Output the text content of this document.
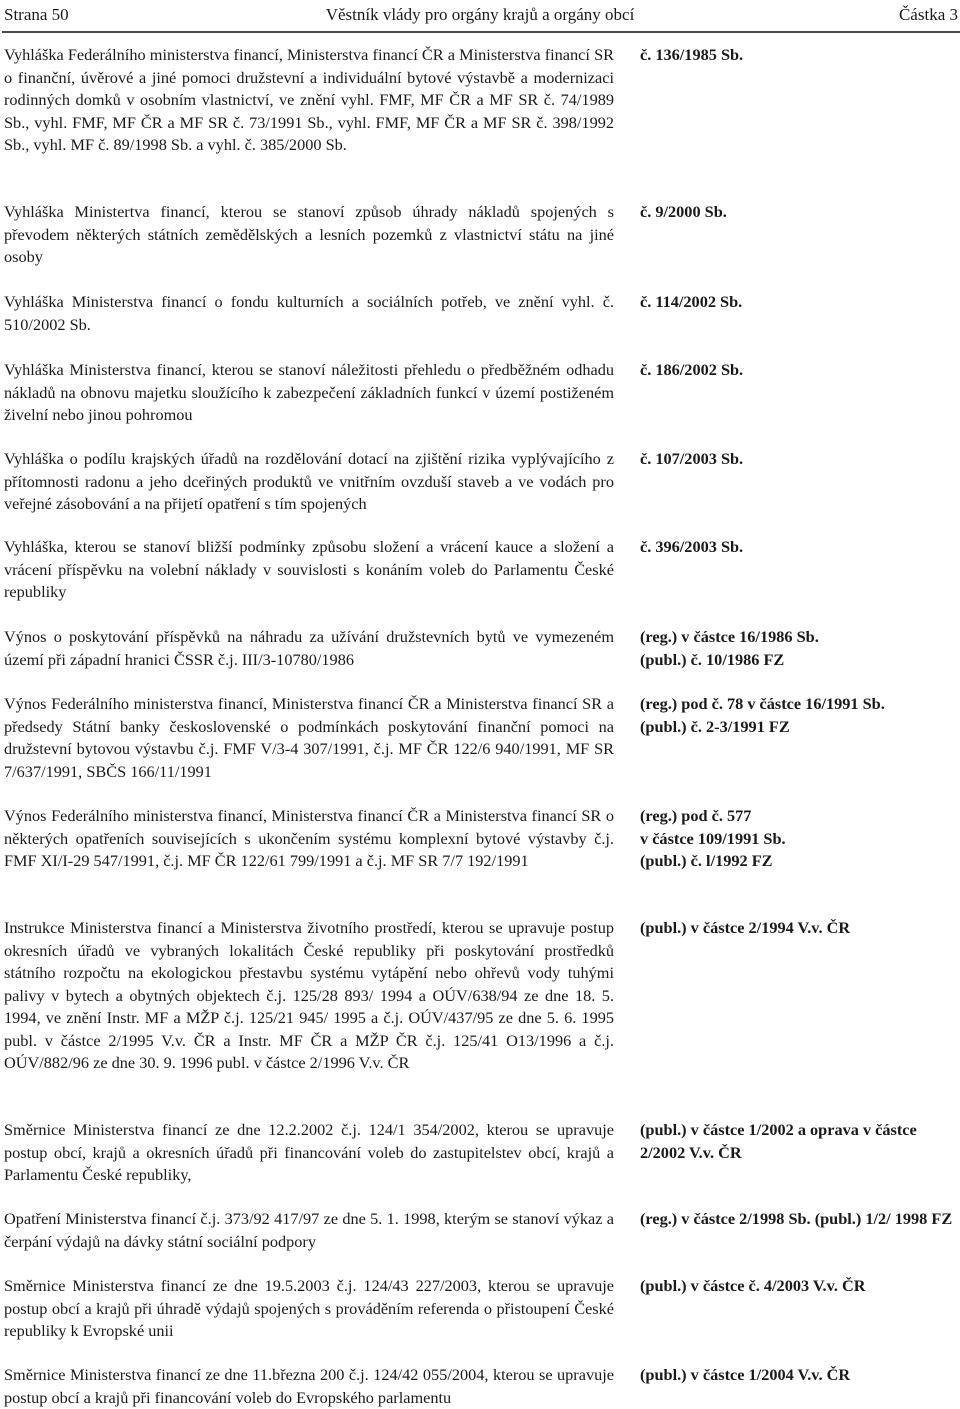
Strana 50	Věstník vlády pro orgány krajů a orgány obcí	Částka 3
Vyhláška Federálního ministerstva financí, Ministerstva financí ČR a Ministerstva financí SR o finanční, úvěrové a jiné pomoci družstevní a individuální bytové výstavbě a modernizaci rodinných domků v osobním vlastnictví, ve znění vyhl. FMF, MF ČR a MF SR č. 74/1989 Sb., vyhl. FMF, MF ČR a MF SR č. 73/1991 Sb., vyhl. FMF, MF ČR a MF SR č. 398/1992 Sb., vyhl. MF č. 89/1998 Sb. a vyhl. č. 385/2000 Sb.
č. 136/1985 Sb.
Vyhláška Ministertva financí, kterou se stanoví způsob úhrady nákladů spojených s převodem některých státních zemědělských a lesních pozemků z vlastnictví státu na jiné osoby
č. 9/2000 Sb.
Vyhláška Ministerstva financí o fondu kulturních a sociálních potřeb, ve znění vyhl. č. 510/2002 Sb.
č. 114/2002 Sb.
Vyhláška Ministerstva financí, kterou se stanoví náležitosti přehledu o předběžném odhadu nákladů na obnovu majetku sloužícího k zabezpečení základních funkcí v území postiženém živelní nebo jinou pohromou
č. 186/2002 Sb.
Vyhláška o podílu krajských úřadů na rozdělování dotací na zjištění rizika vyplývajícího z přítomnosti radonu a jeho dceřiných produktů ve vnitřním ovzduší staveb a ve vodách pro veřejné zásobování a na přijetí opatření s tím spojených
č. 107/2003 Sb.
Vyhláška, kterou se stanoví bližší podmínky způsobu složení a vrácení kauce a složení a vrácení příspěvku na volební náklady v souvislosti s konáním voleb do Parlamentu České republiky
č. 396/2003 Sb.
Výnos o poskytování příspěvků na náhradu za užívání družstevních bytů ve vymezeném území při západní hranici ČSSR č.j. III/3-10780/1986
(reg.) v částce 16/1986 Sb.
(publ.) č. 10/1986 FZ
Výnos Federálního ministerstva financí, Ministerstva financí ČR a Ministerstva financí SR a předsedy Státní banky československé o podmínkách poskytování finanční pomoci na družstevní bytovou výstavbu č.j. FMF V/3-4 307/1991, č.j. MF ČR 122/6 940/1991, MF SR 7/637/1991, SBČS 166/11/1991
(reg.) pod č. 78 v částce 16/1991 Sb.
(publ.) č. 2-3/1991 FZ
Výnos Federálního ministerstva financí, Ministerstva financí ČR a Ministerstva financí SR o některých opatřeních souvisejících s ukončením systému komplexní bytové výstavby č.j. FMF XI/I-29 547/1991, č.j. MF ČR 122/61 799/1991 a č.j. MF SR 7/7 192/1991
(reg.) pod č. 577
v částce 109/1991 Sb.
(publ.) č. l/1992 FZ
Instrukce Ministerstva financí a Ministerstva životního prostředí, kterou se upravuje postup okresních úřadů ve vybraných lokalitách České republiky při poskytování prostředků státního rozpočtu na ekologickou přestavbu systému vytápění nebo ohřevů vody tuhými palivy v bytech a obytných objektech č.j. 125/28 893/ 1994 a OÚV/638/94 ze dne 18. 5. 1994, ve znění Instr. MF a MŽP č.j. 125/21 945/ 1995 a č.j. OÚV/437/95 ze dne 5. 6. 1995 publ. v částce 2/1995 V.v. ČR a Instr. MF ČR a MŽP ČR č.j. 125/41 O13/1996 a č.j. OÚV/882/96 ze dne 30. 9. 1996 publ. v částce 2/1996 V.v. ČR
(publ.) v částce 2/1994 V.v. ČR
Směrnice Ministerstva financí ze dne 12.2.2002 č.j. 124/1 354/2002, kterou se upravuje postup obcí, krajů a okresních úřadů při financování voleb do zastupitelstev obcí, krajů a Parlamentu České republiky,
(publ.) v částce 1/2002 a oprava v částce 2/2002 V.v. ČR
Opatření Ministerstva financí č.j. 373/92 417/97 ze dne 5. 1. 1998, kterým se stanoví výkaz a čerpání výdajů na dávky státní sociální podpory
(reg.) v částce 2/1998 Sb. (publ.) 1/2/ 1998 FZ
Směrnice Ministerstva financí ze dne 19.5.2003 č.j. 124/43 227/2003, kterou se upravuje postup obcí a krajů při úhradě výdajů spojených s prováděním referenda o přistoupení České republiky k Evropské unii
(publ.) v částce č. 4/2003 V.v. ČR
Směrnice Ministerstva financí ze dne 11.března 200 č.j. 124/42 055/2004, kterou se upravuje postup obcí a krajů při financování voleb do Evropského parlamentu
(publ.) v částce 1/2004 V.v. ČR
